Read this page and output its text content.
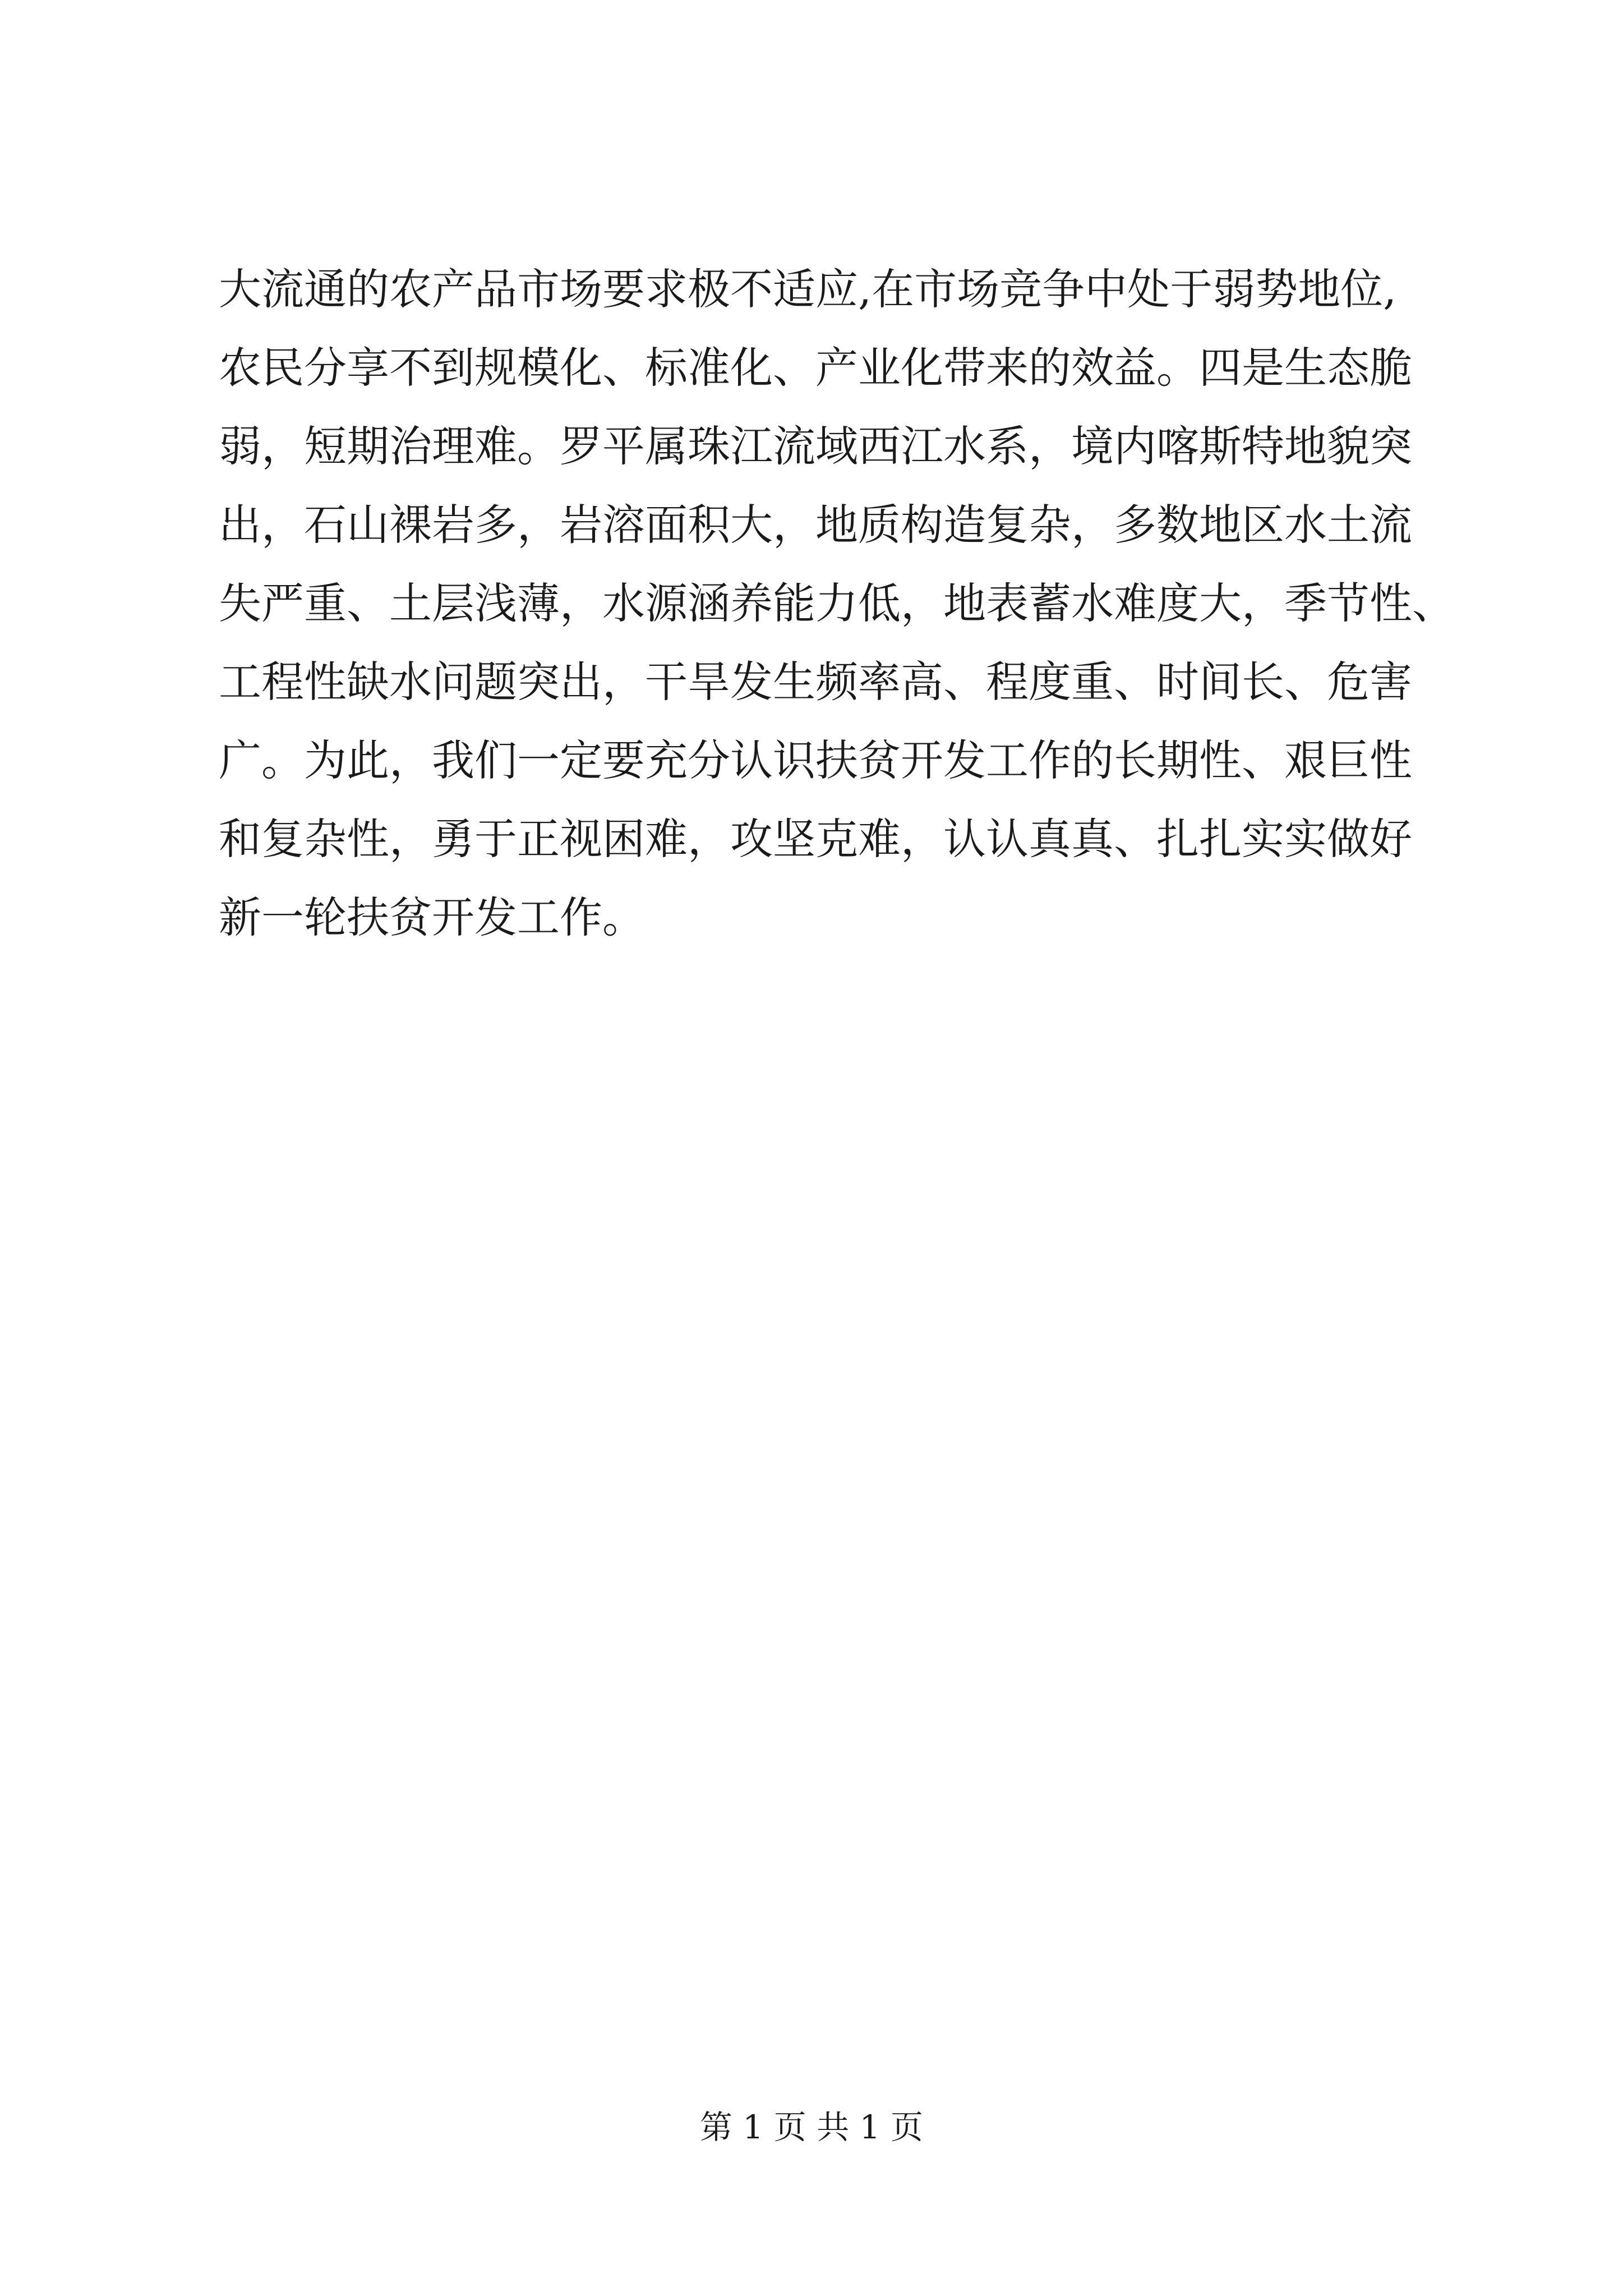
大流通的农产品市场要求极不适应,在市场竞争中处于弱势地位,
农民分享不到规模化、标准化、产业化带来的效益。四是生态脆
弱，短期治理难。罗平属珠江流域西江水系，境内喀斯特地貌突
出，石山裸岩多，岩溶面积大，地质构造复杂，多数地区水土流
失严重、土层浅薄，水源涵养能力低，地表蓄水难度大，季节性、
工程性缺水问题突出，干旱发生频率高、程度重、时间长、危害
广。为此，我们一定要充分认识扶贫开发工作的长期性、艰巨性
和复杂性，勇于正视困难，攻坚克难，认认真真、扎扎实实做好
新一轮扶贫开发工作。
第 1 页 共 1 页
